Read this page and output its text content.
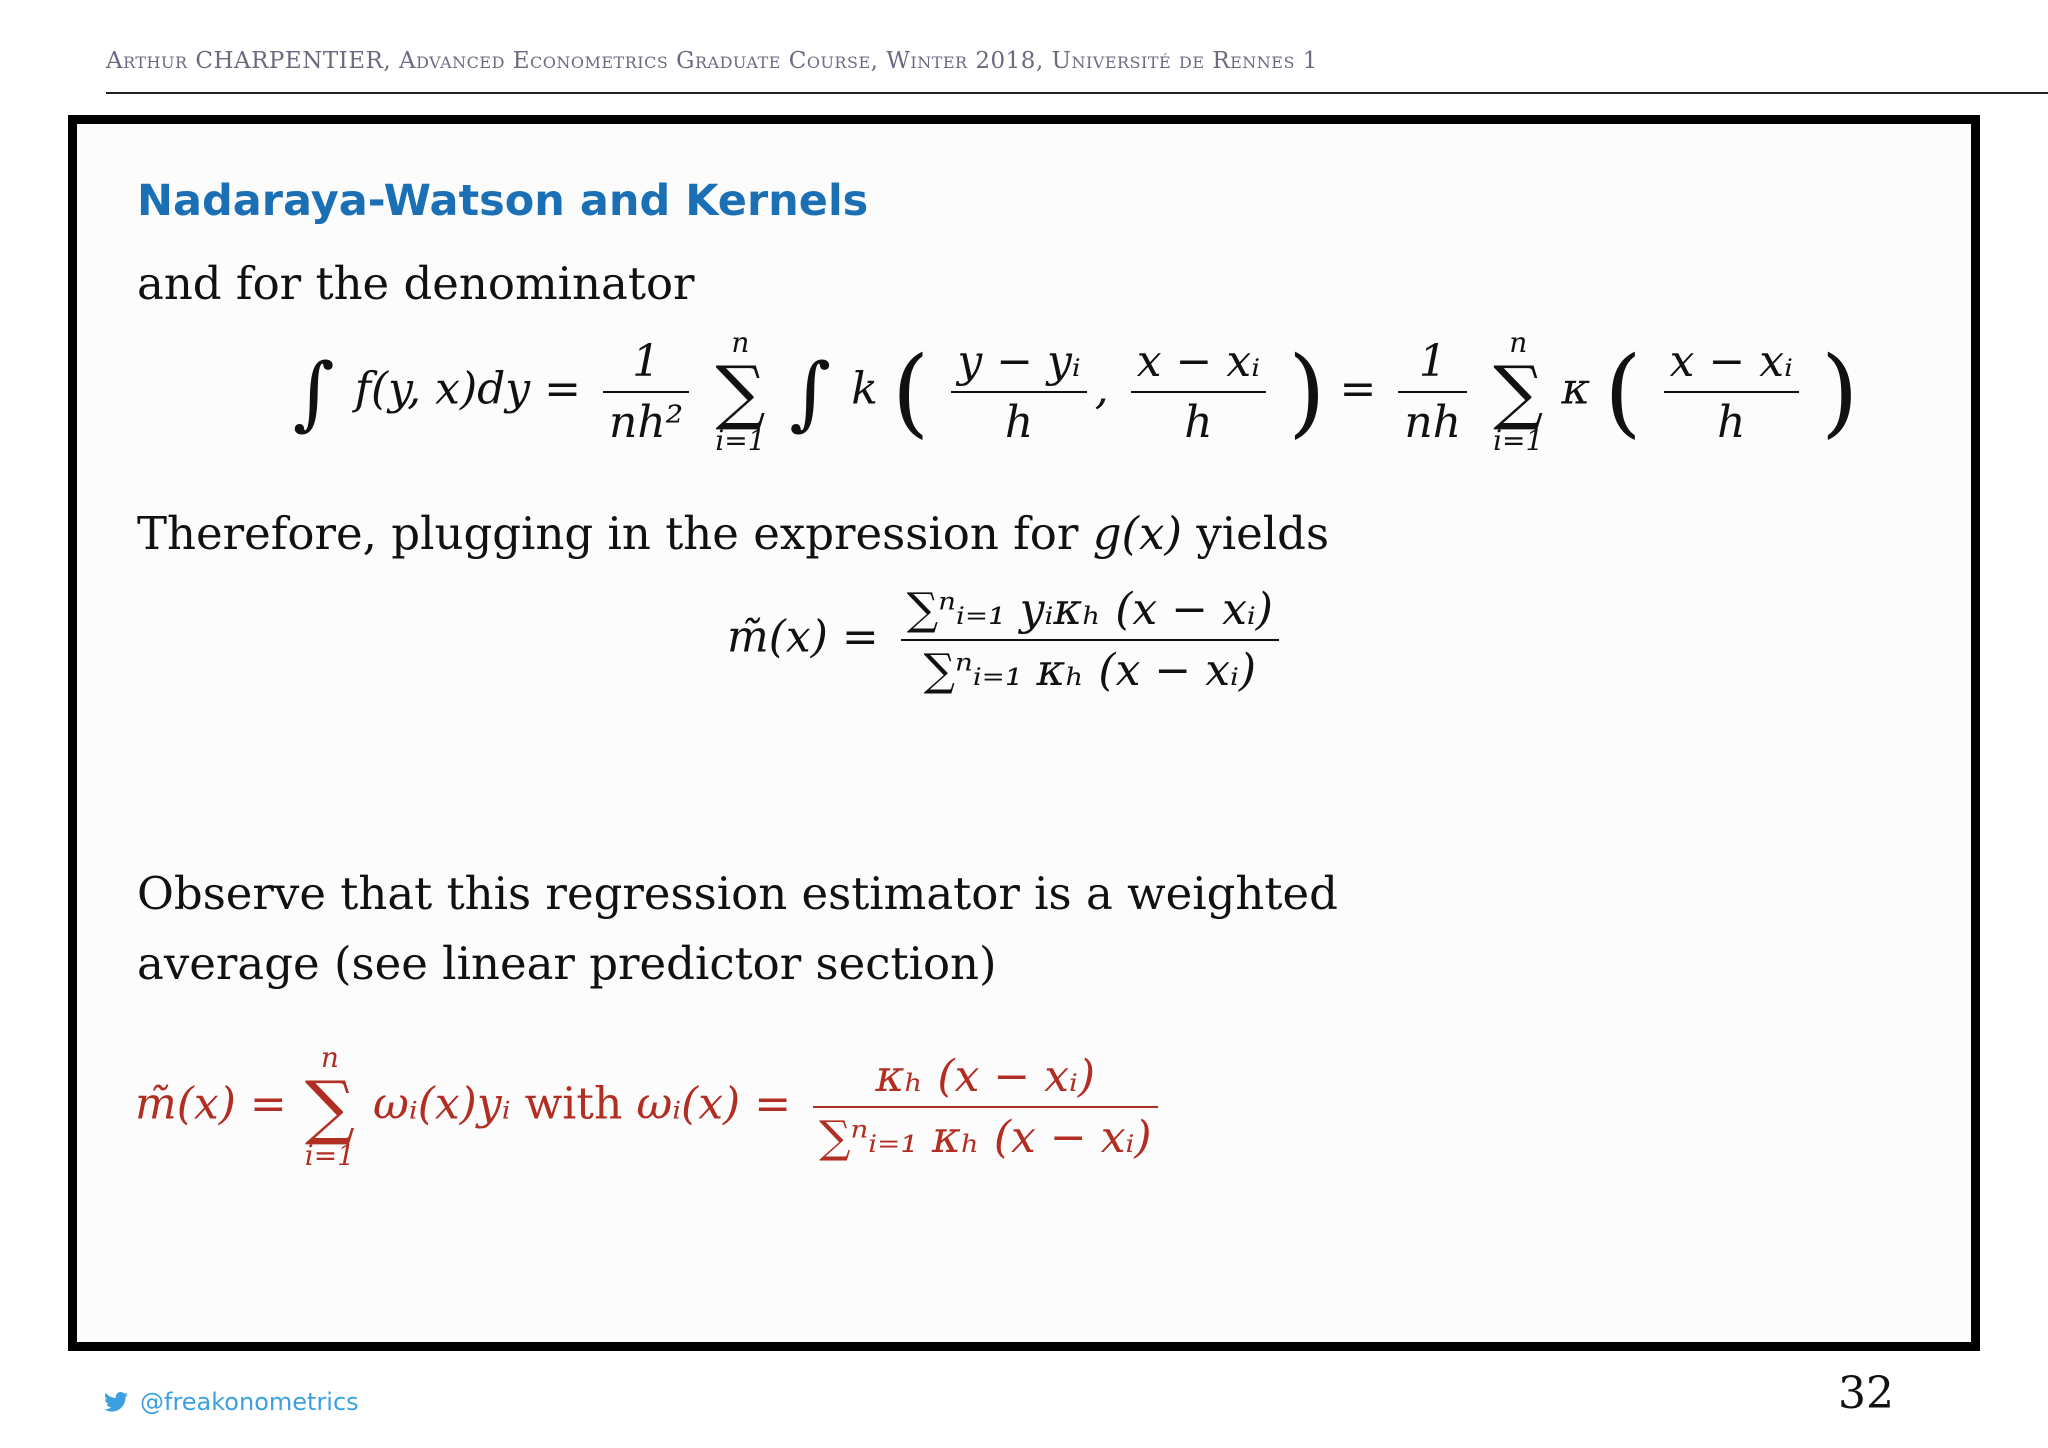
Arthur CHARPENTIER, Advanced Econometrics Graduate Course, Winter 2018, Université de Rennes 1
Nadaraya-Watson and Kernels
and for the denominator
∫ f(y, $x)dy = \frac{1}{\text{nh²}}$
n
∑
i=1
∫ k ( $\frac{\text{y − yᵢ}}{h}$ , $\frac{\text{x − xᵢ}}{h}$ ) = $\frac{1}{nh}$
n
∑
i=1
κ ( $\frac{\text{x − xᵢ}}{h}$ )
Therefore, plugging in the expression for g(x) yields
m̃(x) = $\frac{\text{∑ⁿᵢ₌₁ yᵢκₕ (x − xᵢ)}}{\text{∑ⁿᵢ₌₁ κₕ (x − xᵢ)}}$
Observe that this regression estimator is a weighted
average (see linear predictor section)
m̃(x) =
n
∑
i=1
ωᵢ(x)yᵢ with ωᵢ(x) = $\frac{\text{κₕ (x − xᵢ)}}{\text{∑ⁿᵢ₌₁ κₕ (x − xᵢ)}}$
@freakonometrics	32
